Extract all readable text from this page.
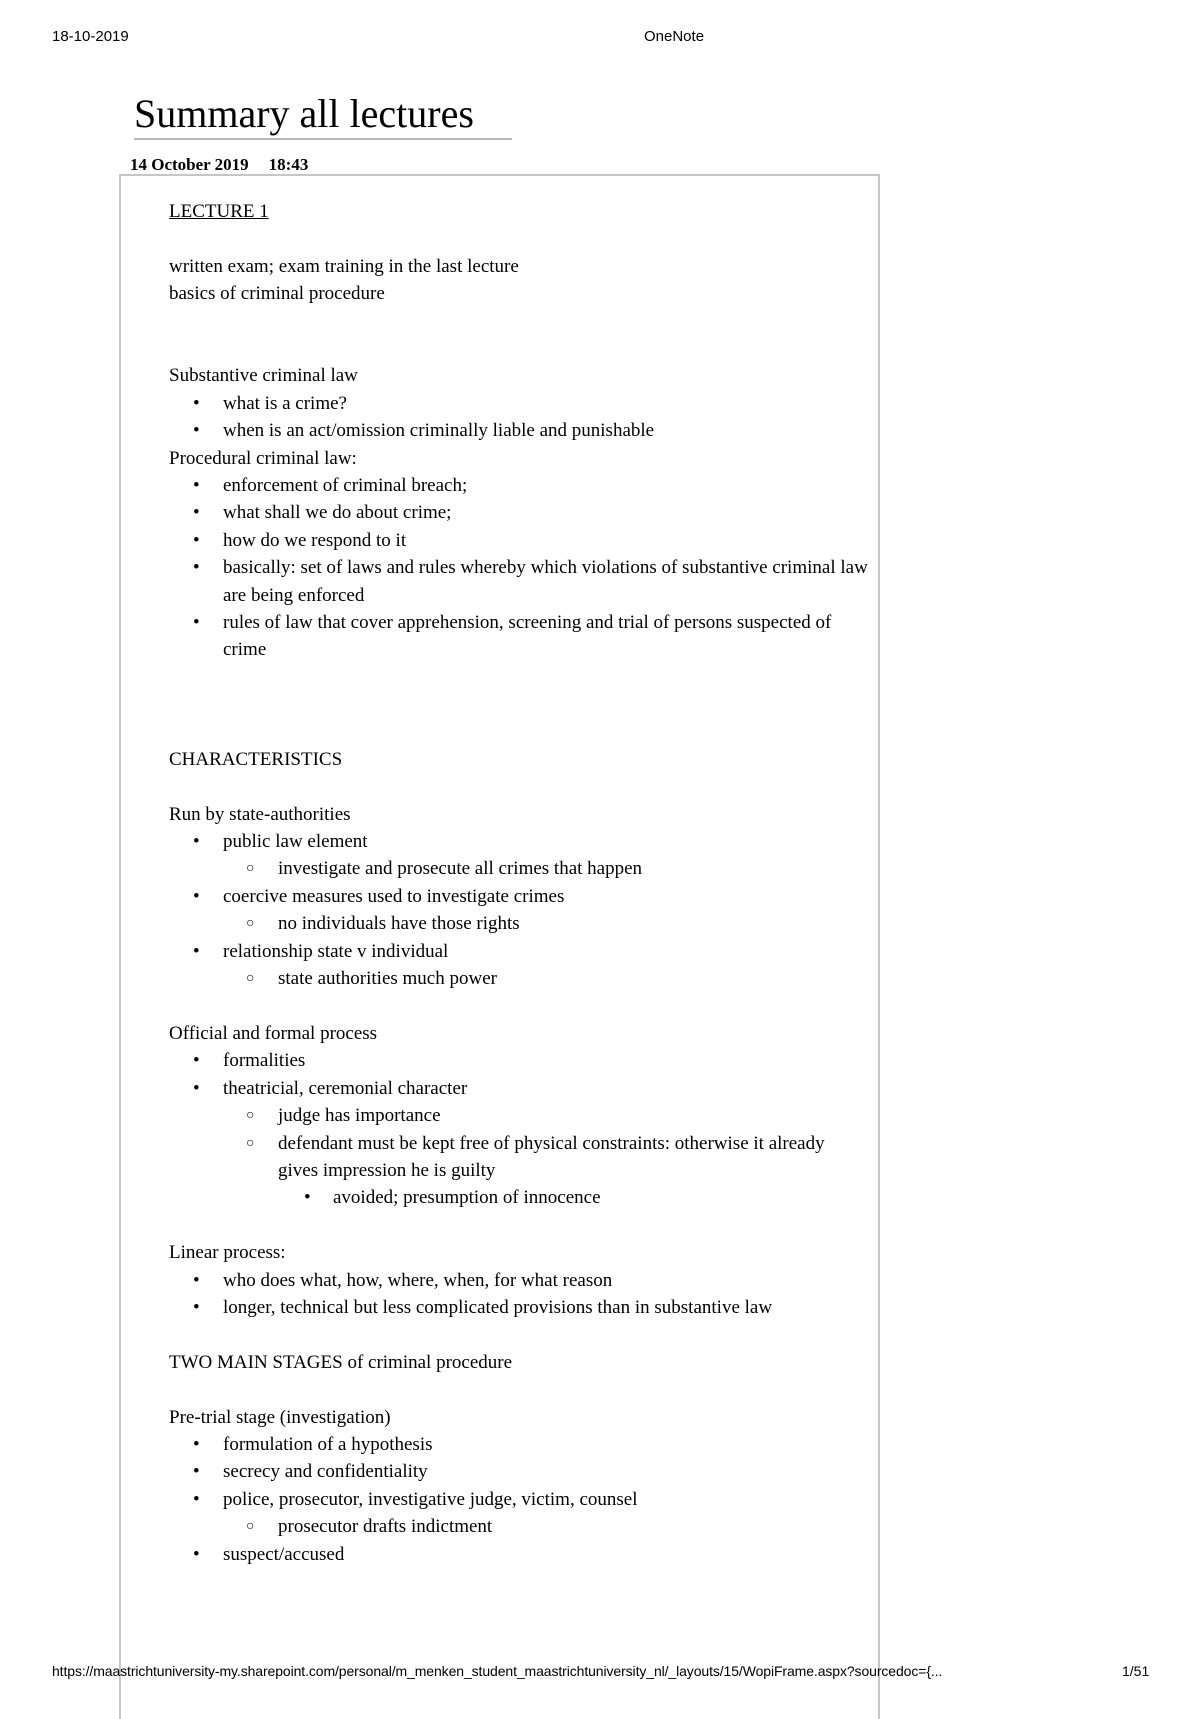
18-10-2019	OneNote
Summary all lectures
14 October 2019 18:43

LECTURE 1

written exam; exam training in the last lecture

basics of criminal procedure

Substantive criminal law

• what is a crime?
• when is an act/omission criminally liable and punishable

Procedural criminal law:

• enforcement of criminal breach;
• what shall we do about crime;
• how do we respond to it
• basically: set of laws and rules whereby which violations of substantive criminal law are being enforced
• rules of law that cover apprehension, screening and trial of persons suspected of crime

CHARACTERISTICS

Run by state-authorities

• public law element
○ investigate and prosecute all crimes that happen
• coercive measures used to investigate crimes
○ no individuals have those rights
• relationship state v individual
○ state authorities much power

Official and formal process

• formalities
• theatricial, ceremonial character
○ judge has importance
○ defendant must be kept free of physical constraints: otherwise it already gives impression he is guilty
• avoided; presumption of innocence

Linear process:

• who does what, how, where, when, for what reason
• longer, technical but less complicated provisions than in substantive law

TWO MAIN STAGES of criminal procedure

Pre-trial stage (investigation)

• formulation of a hypothesis
• secrecy and confidentiality
• police, prosecutor, investigative judge, victim, counsel
○ prosecutor drafts indictment
• suspect/accused
https://maastrichtuniversity-my.sharepoint.com/personal/m_menken_student_maastrichtuniversity_nl/_layouts/15/WopiFrame.aspx?sourcedoc={...	1/51
